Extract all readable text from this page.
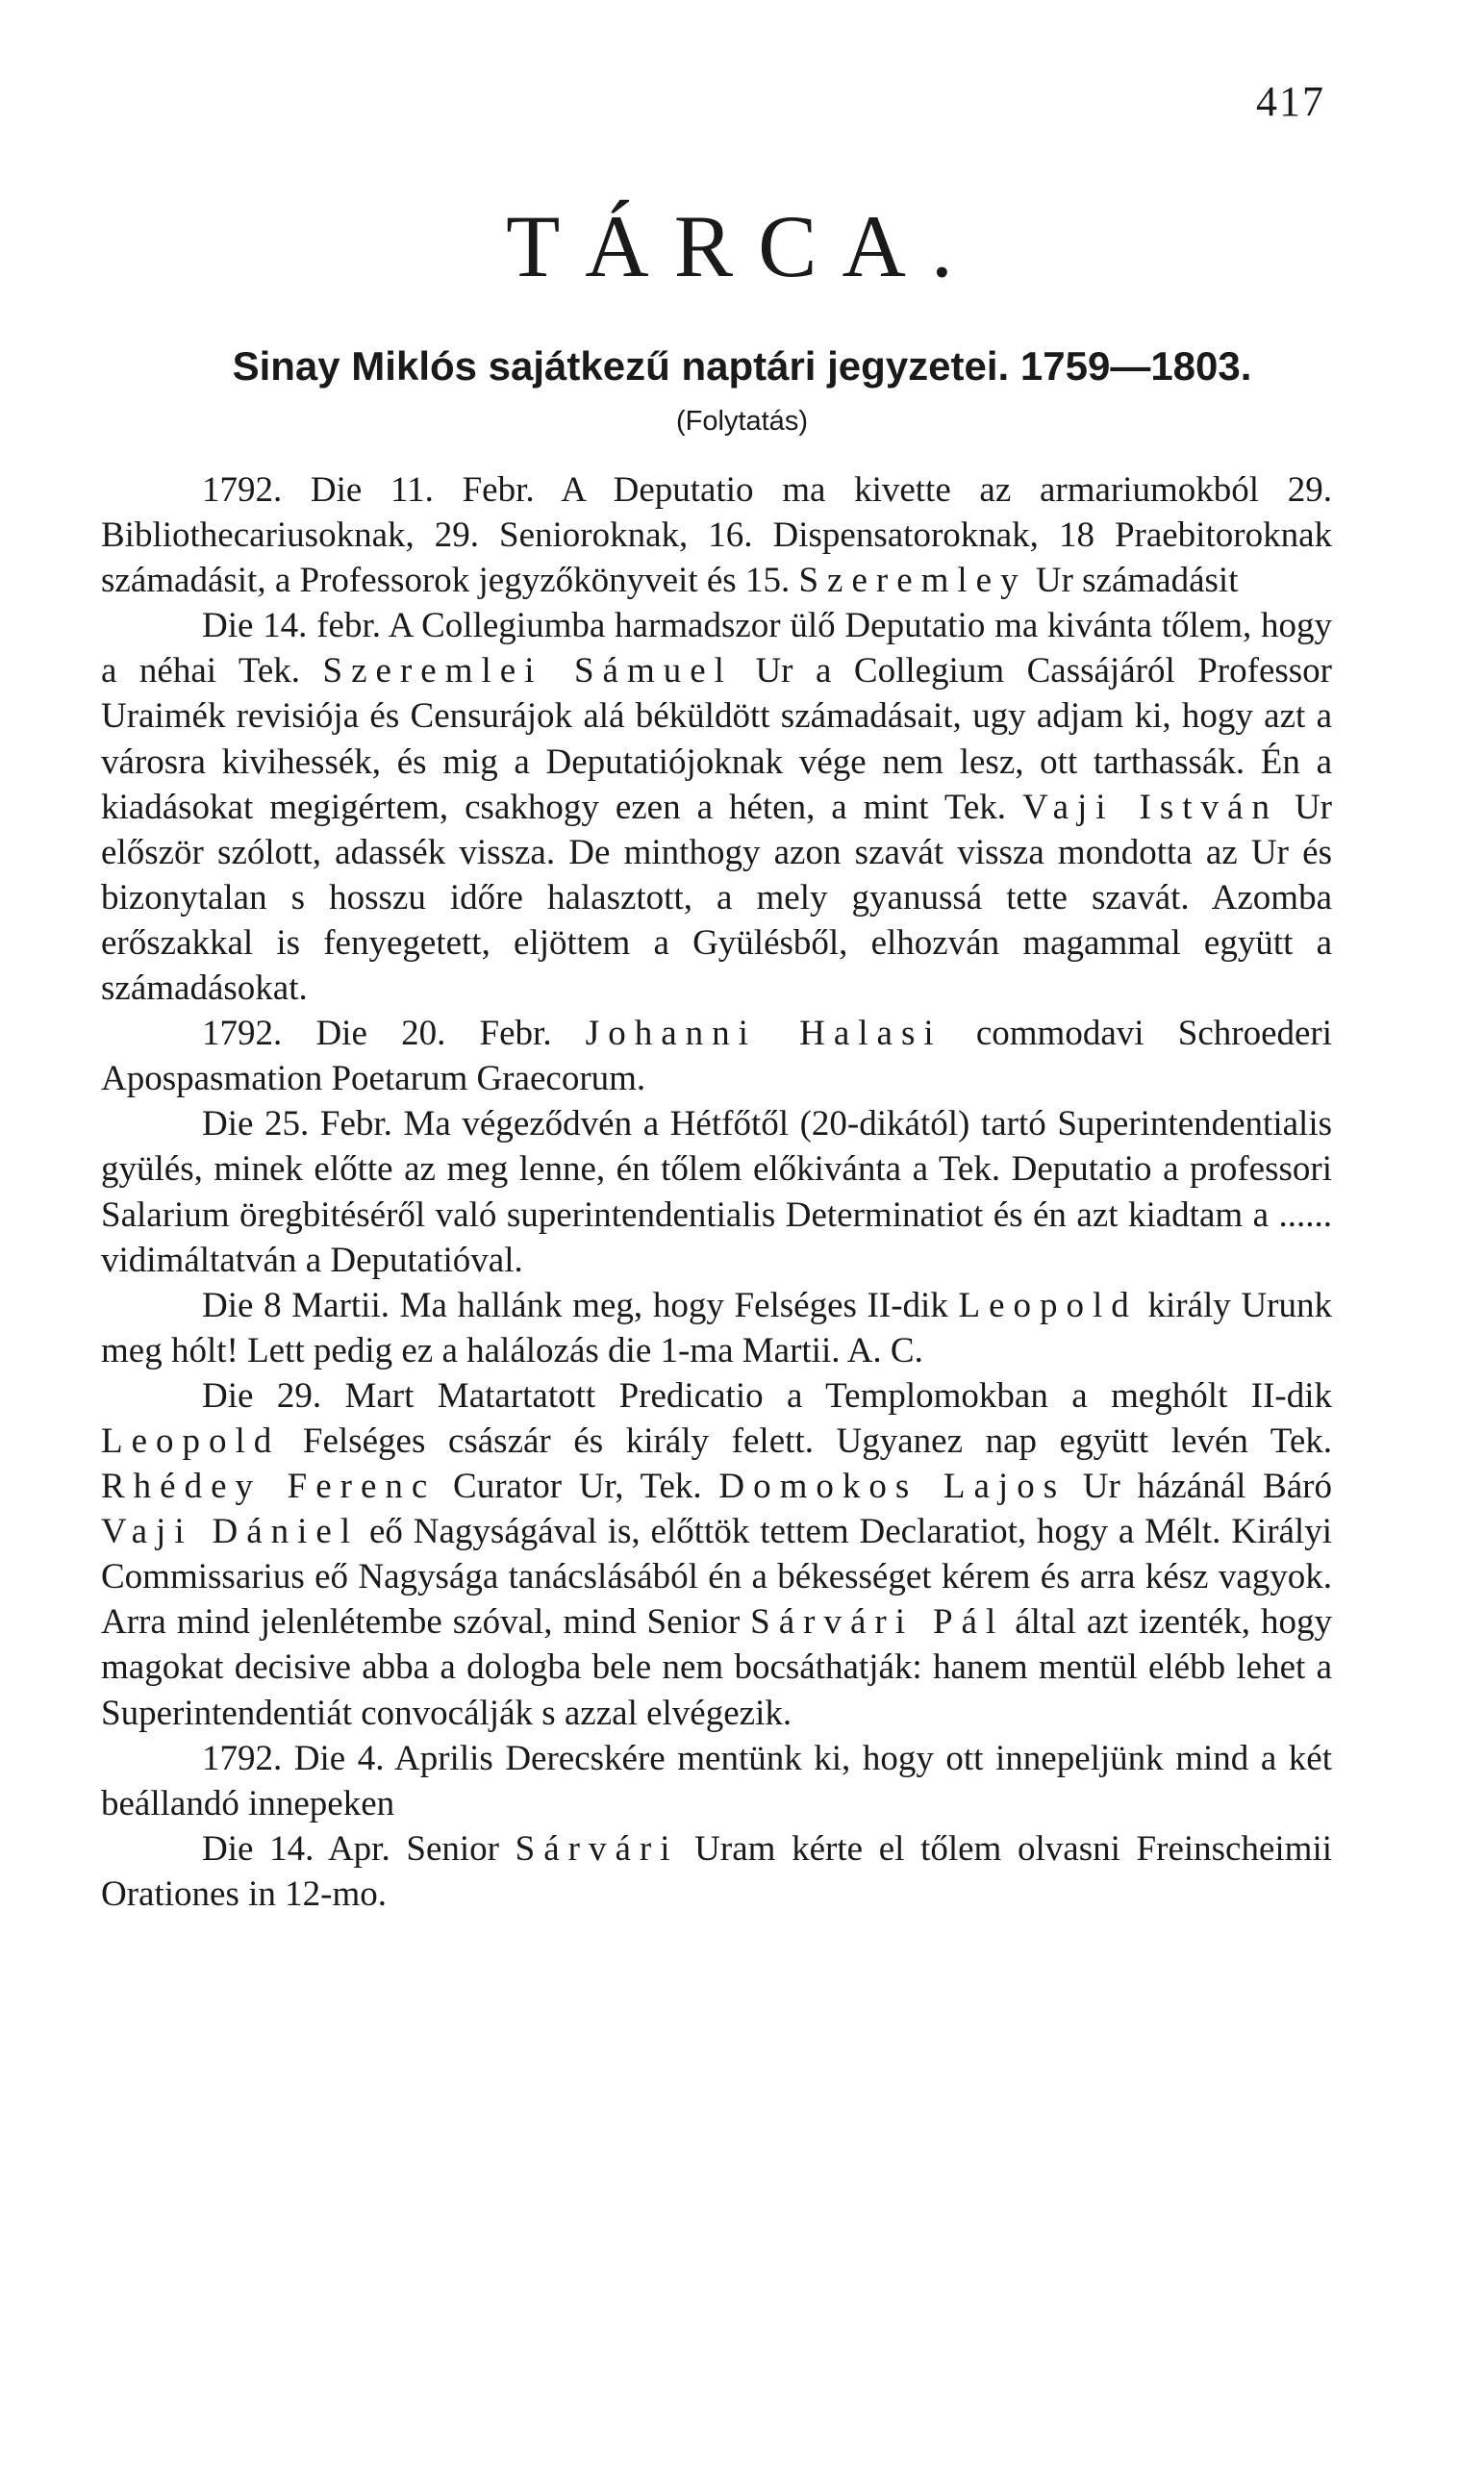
417
TÁRCA.
Sinay Miklós sajátkezű naptári jegyzetei. 1759—1803.
(Folytatás)

1792. Die 11. Febr. A Deputatio ma kivette az armariumokból 29. Bibliothecariusoknak, 29. Senioroknak, 16. Dispensatoroknak, 18 Praebitoroknak számadásit, a Professorok jegyzőkönyveit és 15. Szeremley Ur számadásit

Die 14. febr. A Collegiumba harmadszor ülő Deputatio ma kivánta tőlem, hogy a néhai Tek. Szeremlei Sámuel Ur a Collegium Cassájáról Professor Uraimék revisiója és Censurájok alá béküldött számadásait, ugy adjam ki, hogy azt a városra kivihessék, és mig a Deputatiójoknak vége nem lesz, ott tarthassák. Én a kiadásokat megigértem, csakhogy ezen a héten, a mint Tek. Vaji István Ur először szólott, adassék vissza. De minthogy azon szavát vissza mondotta az Ur és bizonytalan s hosszu időre halasztott, a mely gyanussá tette szavát. Azomba erőszakkal is fenyegetett, eljöttem a Gyülésből, elhozván magammal együtt a számadásokat.

1792. Die 20. Febr. Johanni Halasi commodavi Schroederi Apospasmation Poetarum Graecorum.

Die 25. Febr. Ma végeződvén a Hétfőtől (20-dikától) tartó Superintendentialis gyülés, minek előtte az meg lenne, én tőlem előkivánta a Tek. Deputatio a professori Salarium öregbitéséről való superintendentialis Determinatiot és én azt kiadtam a ...... vidimáltatván a Deputatióval.

Die 8 Martii. Ma hallánk meg, hogy Felséges II-dik Leopold király Urunk meg hólt! Lett pedig ez a halálozás die 1-ma Martii. A. C.

Die 29. Mart Matartatott Predicatio a Templomokban a meghólt II-dik Leopold Felséges császár és király felett. Ugyanez nap együtt levén Tek. Rhédey Ferenc Curator Ur, Tek. Domokos Lajos Ur házánál Báró Vaji Dániel eő Nagyságával is, előttök tettem Declaratiot, hogy a Mélt. Királyi Commissarius eő Nagysága tanácslásából én a békességet kérem és arra kész vagyok. Arra mind jelenlétembe szóval, mind Senior Sárvári Pál által azt izenték, hogy magokat decisive abba a dologba bele nem bocsáthatják: hanem mentül elébb lehet a Superintendentiát convocálják s azzal elvégezik.

1792. Die 4. Aprilis Derecskére mentünk ki, hogy ott innepeljünk mind a két beállandó innepeken

Die 14. Apr. Senior Sárvári Uram kérte el tőlem olvasni Freinscheimii Orationes in 12-mo.
